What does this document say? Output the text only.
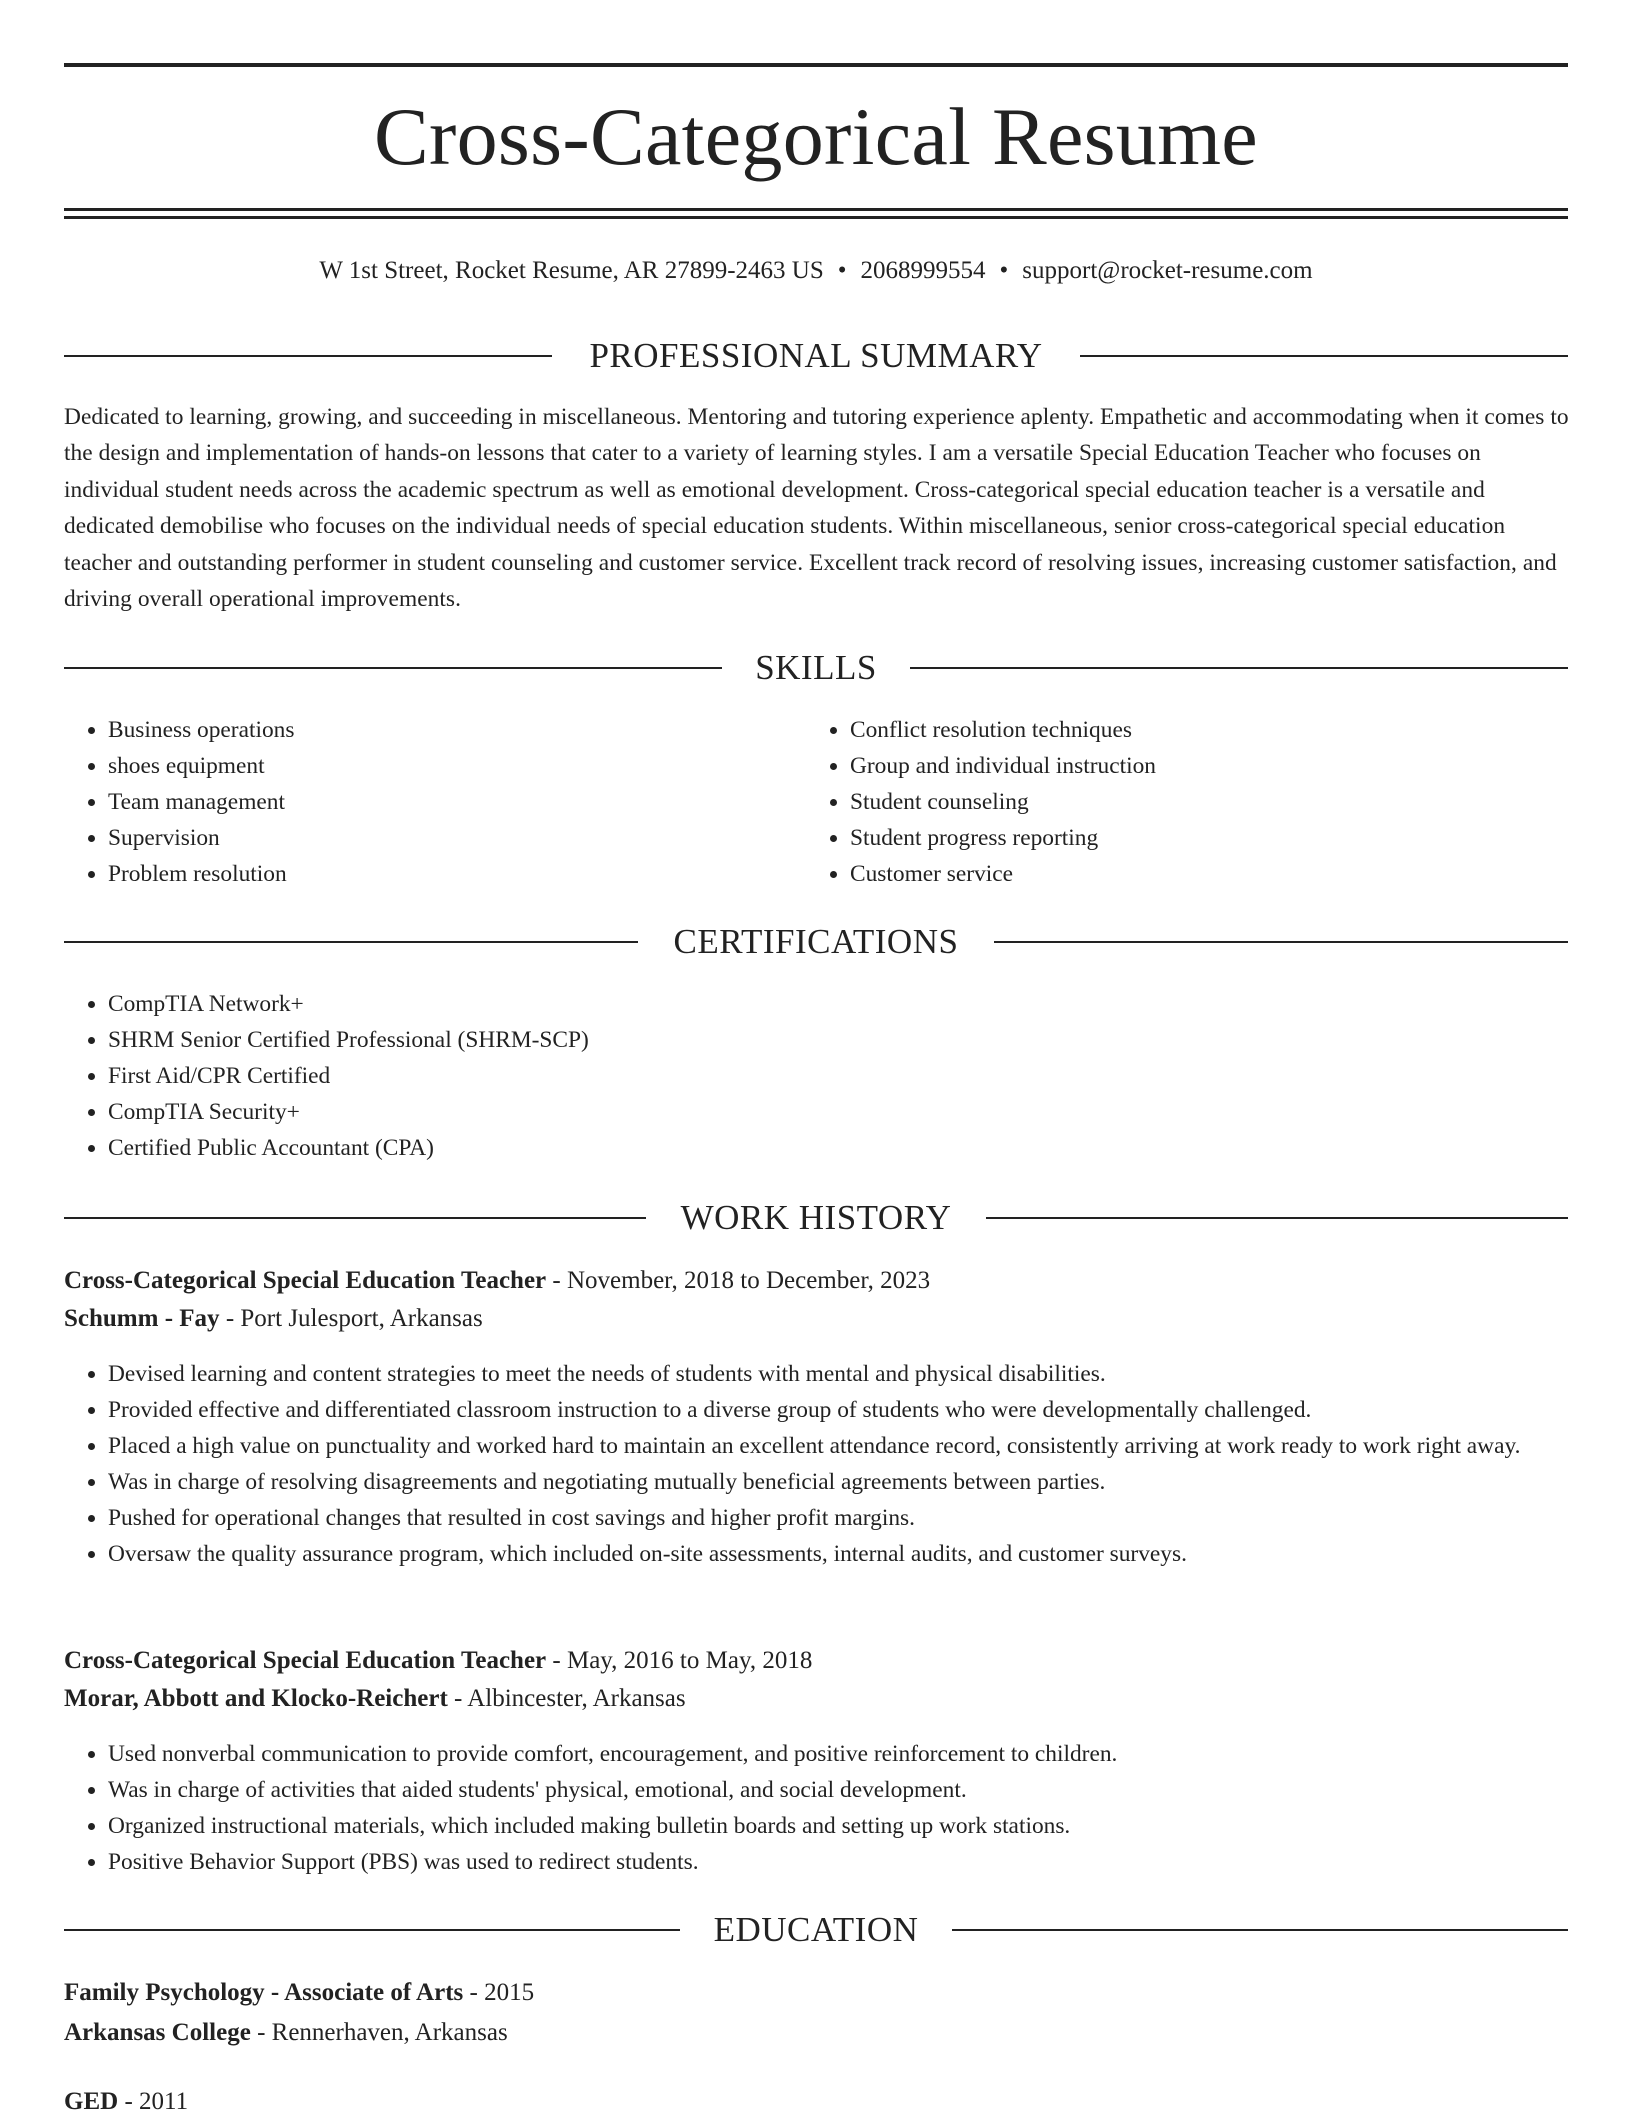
Cross-Categorical Resume
W 1st Street, Rocket Resume, AR 27899-2463 US • 2068999554 • support@rocket-resume.com
PROFESSIONAL SUMMARY

Dedicated to learning, growing, and succeeding in miscellaneous. Mentoring and tutoring experience aplenty. Empathetic and accommodating when it comes to the design and implementation of hands-on lessons that cater to a variety of learning styles. I am a versatile Special Education Teacher who focuses on individual student needs across the academic spectrum as well as emotional development. Cross-categorical special education teacher is a versatile and dedicated demobilise who focuses on the individual needs of special education students. Within miscellaneous, senior cross-categorical special education teacher and outstanding performer in student counseling and customer service. Excellent track record of resolving issues, increasing customer satisfaction, and driving overall operational improvements.

SKILLS
• Business operations
• shoes equipment
• Team management
• Supervision
• Problem resolution
• Conflict resolution techniques
• Group and individual instruction
• Student counseling
• Student progress reporting
• Customer service
CERTIFICATIONS
• CompTIA Network+
• SHRM Senior Certified Professional (SHRM-SCP)
• First Aid/CPR Certified
• CompTIA Security+
• Certified Public Accountant (CPA)
WORK HISTORY
Cross-Categorical Special Education Teacher - November, 2018 to December, 2023
Schumm - Fay - Port Julesport, Arkansas
• Devised learning and content strategies to meet the needs of students with mental and physical disabilities.
• Provided effective and differentiated classroom instruction to a diverse group of students who were developmentally challenged.
• Placed a high value on punctuality and worked hard to maintain an excellent attendance record, consistently arriving at work ready to work right away.
• Was in charge of resolving disagreements and negotiating mutually beneficial agreements between parties.
• Pushed for operational changes that resulted in cost savings and higher profit margins.
• Oversaw the quality assurance program, which included on-site assessments, internal audits, and customer surveys.
Cross-Categorical Special Education Teacher - May, 2016 to May, 2018
Morar, Abbott and Klocko-Reichert - Albincester, Arkansas
• Used nonverbal communication to provide comfort, encouragement, and positive reinforcement to children.
• Was in charge of activities that aided students' physical, emotional, and social development.
• Organized instructional materials, which included making bulletin boards and setting up work stations.
• Positive Behavior Support (PBS) was used to redirect students.
EDUCATION
Family Psychology - Associate of Arts - 2015
Arkansas College - Rennerhaven, Arkansas
GED - 2011
